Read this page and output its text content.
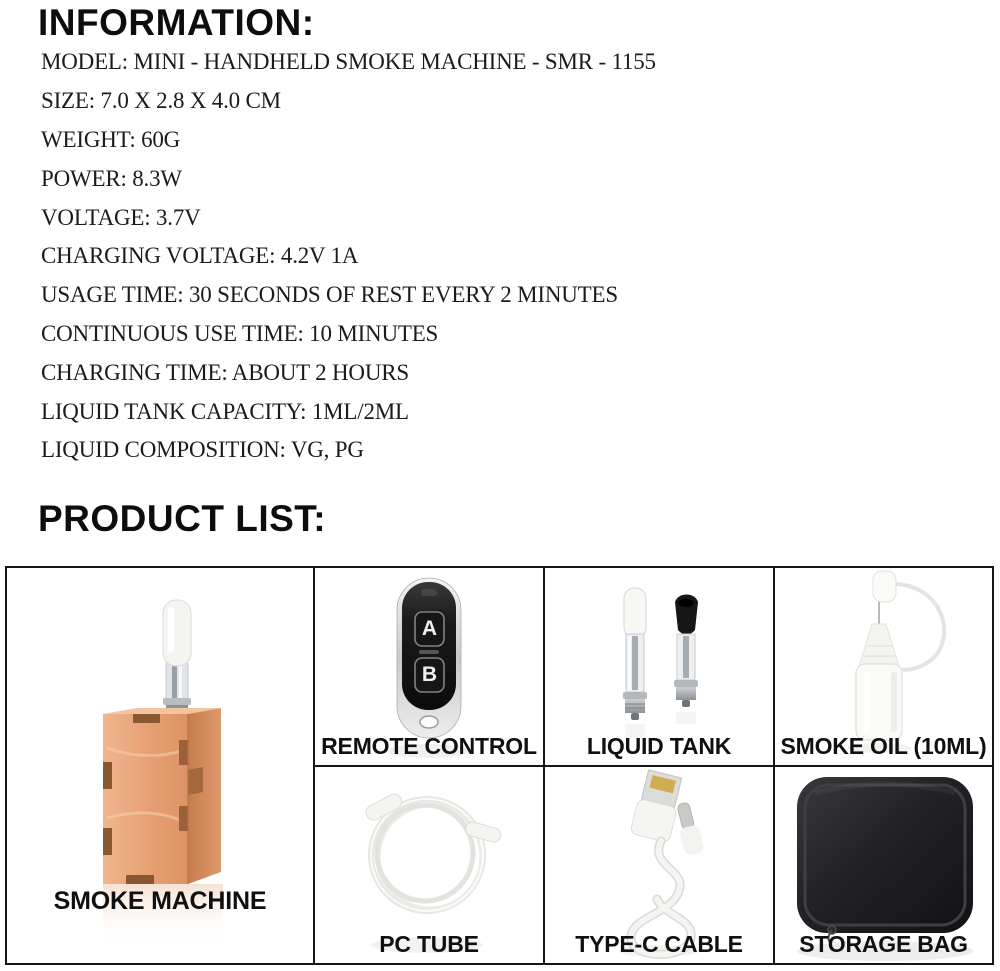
INFORMATION:
MODEL: MINI - HANDHELD SMOKE MACHINE - SMR - 1155
SIZE: 7.0 X 2.8 X 4.0 CM
WEIGHT: 60G
POWER: 8.3W
VOLTAGE: 3.7V
CHARGING VOLTAGE: 4.2V 1A
USAGE TIME: 30 SECONDS OF REST EVERY 2 MINUTES
CONTINUOUS USE TIME: 10 MINUTES
CHARGING TIME: ABOUT 2 HOURS
LIQUID TANK CAPACITY: 1ML/2ML
LIQUID COMPOSITION: VG, PG
PRODUCT LIST:
SMOKE MACHINE
A
B
REMOTE CONTROL	LIQUID TANK	SMOKE OIL (10ML)
PC TUBE	TYPE-C CABLE	STORAGE BAG
